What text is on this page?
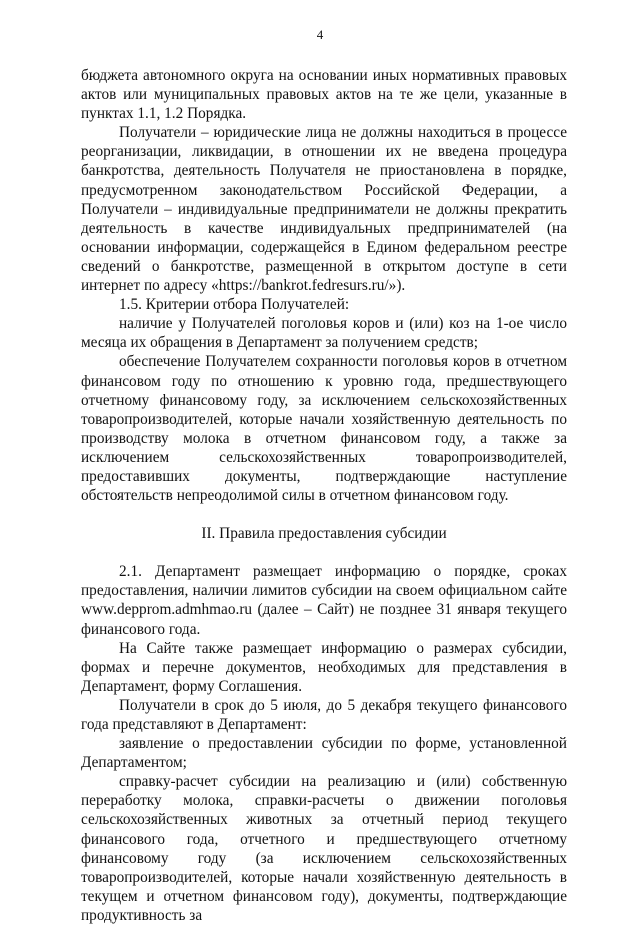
4

бюджета автономного округа на основании иных нормативных правовых актов или муниципальных правовых актов на те же цели, указанные в пунктах 1.1, 1.2 Порядка.

Получатели – юридические лица не должны находиться в процессе реорганизации, ликвидации, в отношении их не введена процедура банкротства, деятельность Получателя не приостановлена в порядке, предусмотренном законодательством Российской Федерации, а Получатели – индивидуальные предприниматели не должны прекратить деятельность в качестве индивидуальных предпринимателей (на основании информации, содержащейся в Едином федеральном реестре сведений о банкротстве, размещенной в открытом доступе в сети интернет по адресу «https://bankrot.fedresurs.ru/»).

1.5. Критерии отбора Получателей:

наличие у Получателей поголовья коров и (или) коз на 1-ое число месяца их обращения в Департамент за получением средств;

обеспечение Получателем сохранности поголовья коров в отчетном финансовом году по отношению к уровню года, предшествующего отчетному финансовому году, за исключением сельскохозяйственных товаропроизводителей, которые начали хозяйственную деятельность по производству молока в отчетном финансовом году, а также за исключением сельскохозяйственных товаропроизводителей, предоставивших документы, подтверждающие наступление обстоятельств непреодолимой силы в отчетном финансовом году.

II. Правила предоставления субсидии

2.1. Департамент размещает информацию о порядке, сроках предоставления, наличии лимитов субсидии на своем официальном сайте www.depprom.admhmao.ru (далее – Сайт) не позднее 31 января текущего финансового года.

На Сайте также размещает информацию о размерах субсидии, формах и перечне документов, необходимых для представления в Департамент, форму Соглашения.

Получатели в срок до 5 июля, до 5 декабря текущего финансового года представляют в Департамент:

заявление о предоставлении субсидии по форме, установленной Департаментом;

справку-расчет субсидии на реализацию и (или) собственную переработку молока, справки-расчеты о движении поголовья сельскохозяйственных животных за отчетный период текущего финансового года, отчетного и предшествующего отчетному финансовому году (за исключением сельскохозяйственных товаропроизводителей, которые начали хозяйственную деятельность в текущем и отчетном финансовом году), документы, подтверждающие продуктивность за
